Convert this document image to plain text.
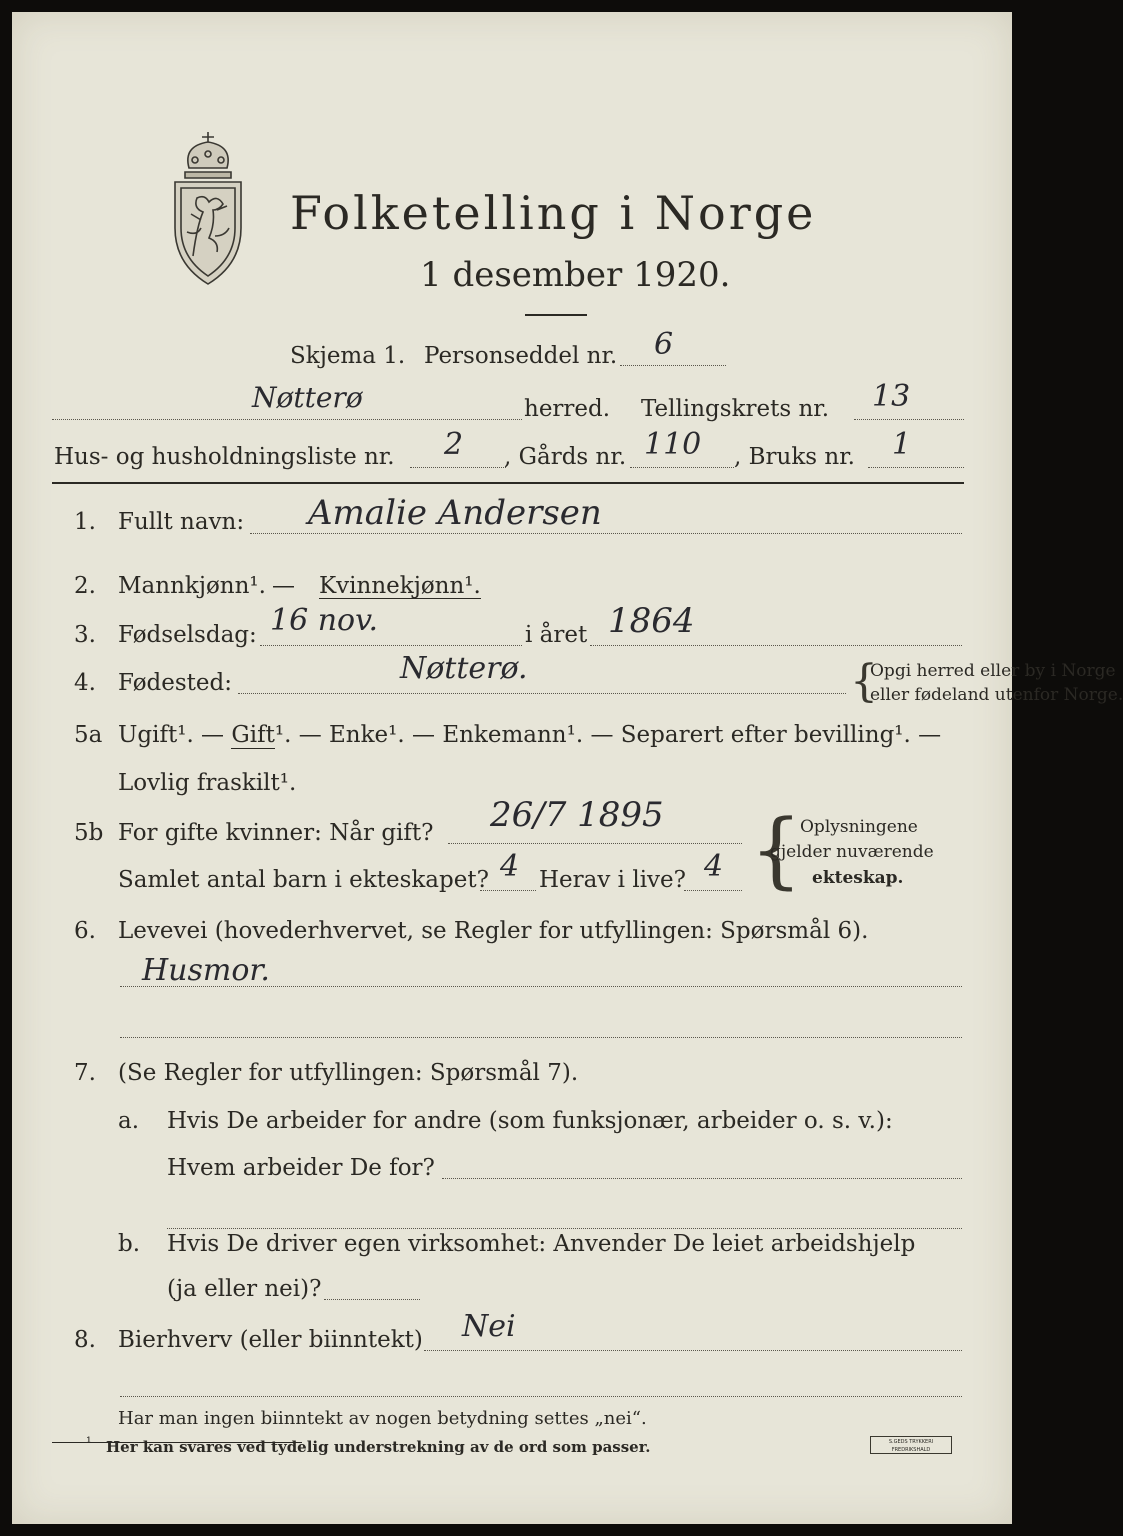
Folketelling i Norge
1 desember 1920.
Skjema 1. Personseddel nr. 6
Nøtterø	herred. Tellingskrets nr. 13
Hus- og husholdningsliste nr. 2 , Gårds nr. 110 , Bruks nr. 1
1. Fullt navn: Amalie Andersen
2. Mannkjønn¹. — Kvinnekjønn¹.
3. Fødselsdag: 16 nov.	i året 1864
4. Fødested:	Nøtterø.	{
Opgi herred eller by i Norge
eller fødeland utenfor Norge.
5a Ugift¹. — Gift¹. — Enke¹. — Enkemann¹. — Separert efter bevilling¹. —
Lovlig fraskilt¹.
5b For gifte kvinner: Når gift? 26/7 1895
Samlet antal barn i ekteskapet? 4 Herav i live? 4 {
Oplysningene
gjelder nuværende
ekteskap.
6. Levevei (hovederhvervet, se Regler for utfyllingen: Spørsmål 6).
Husmor.
7. (Se Regler for utfyllingen: Spørsmål 7).
a. Hvis De arbeider for andre (som funksjonær, arbeider o. s. v.):
Hvem arbeider De for?
b. Hvis De driver egen virksomhet: Anvender De leiet arbeidshjelp
(ja eller nei)?
8. Bierhverv (eller biinntekt) Nei
Har man ingen biinntekt av nogen betydning settes „nei“.
¹ Her kan svares ved tydelig understrekning av de ord som passer.	S.GEDS TRYKKERI FREDRIKSHALD
